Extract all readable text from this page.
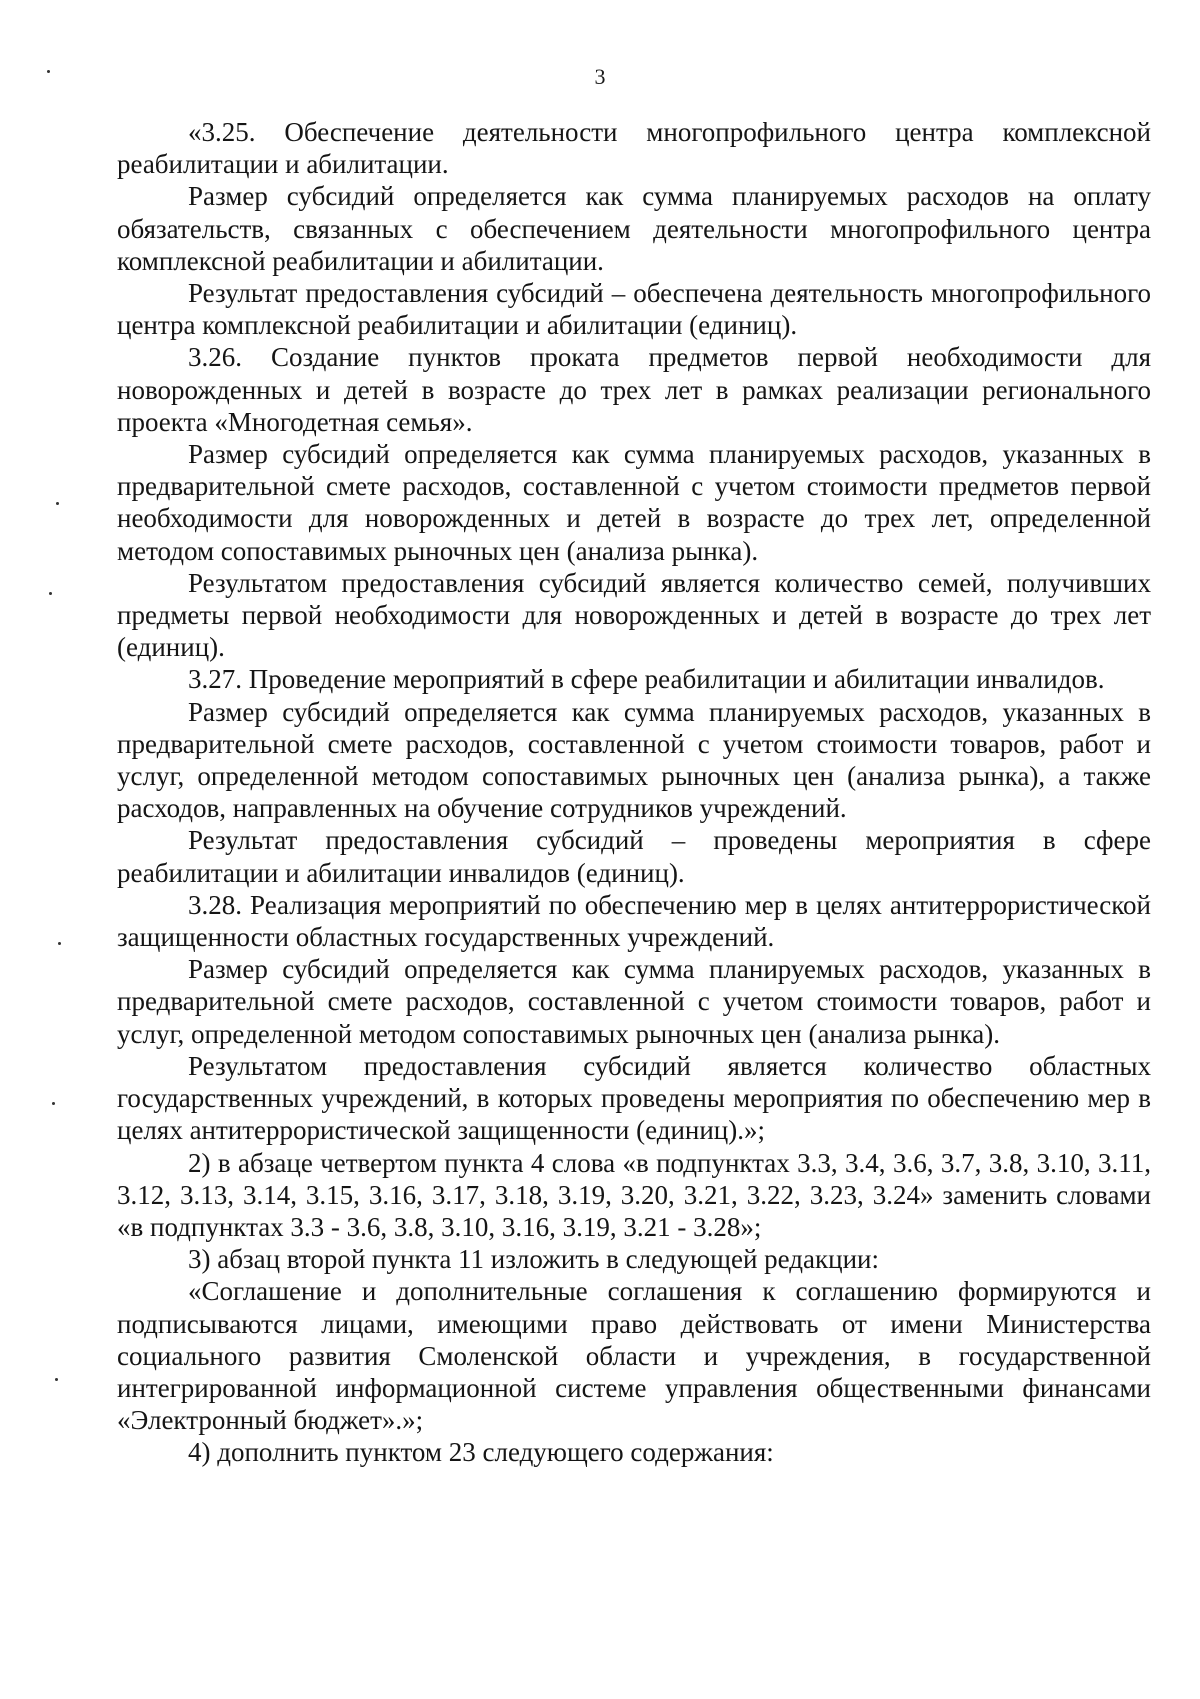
3

«3.25. Обеспечение деятельности многопрофильного центра комплексной реабилитации и абилитации.

Размер субсидий определяется как сумма планируемых расходов на оплату обязательств, связанных с обеспечением деятельности многопрофильного центра комплексной реабилитации и абилитации.

Результат предоставления субсидий – обеспечена деятельность многопрофильного центра комплексной реабилитации и абилитации (единиц).

3.26. Создание пунктов проката предметов первой необходимости для новорожденных и детей в возрасте до трех лет в рамках реализации регионального проекта «Многодетная семья».

Размер субсидий определяется как сумма планируемых расходов, указанных в предварительной смете расходов, составленной с учетом стоимости предметов первой необходимости для новорожденных и детей в возрасте до трех лет, определенной методом сопоставимых рыночных цен (анализа рынка).

Результатом предоставления субсидий является количество семей, получивших предметы первой необходимости для новорожденных и детей в возрасте до трех лет (единиц).

3.27. Проведение мероприятий в сфере реабилитации и абилитации инвалидов.

Размер субсидий определяется как сумма планируемых расходов, указанных в предварительной смете расходов, составленной с учетом стоимости товаров, работ и услуг, определенной методом сопоставимых рыночных цен (анализа рынка), а также расходов, направленных на обучение сотрудников учреждений.

Результат предоставления субсидий – проведены мероприятия в сфере реабилитации и абилитации инвалидов (единиц).

3.28. Реализация мероприятий по обеспечению мер в целях антитеррористической защищенности областных государственных учреждений.

Размер субсидий определяется как сумма планируемых расходов, указанных в предварительной смете расходов, составленной с учетом стоимости товаров, работ и услуг, определенной методом сопоставимых рыночных цен (анализа рынка).

Результатом предоставления субсидий является количество областных государственных учреждений, в которых проведены мероприятия по обеспечению мер в целях антитеррористической защищенности (единиц).»;

2) в абзаце четвертом пункта 4 слова «в подпунктах 3.3, 3.4, 3.6, 3.7, 3.8, 3.10, 3.11, 3.12, 3.13, 3.14, 3.15, 3.16, 3.17, 3.18, 3.19, 3.20, 3.21, 3.22, 3.23, 3.24» заменить словами «в подпунктах 3.3 - 3.6, 3.8, 3.10, 3.16, 3.19, 3.21 - 3.28»;

3) абзац второй пункта 11 изложить в следующей редакции:

«Соглашение и дополнительные соглашения к соглашению формируются и подписываются лицами, имеющими право действовать от имени Министерства социального развития Смоленской области и учреждения, в государственной интегрированной информационной системе управления общественными финансами «Электронный бюджет».»;

4) дополнить пунктом 23 следующего содержания:
